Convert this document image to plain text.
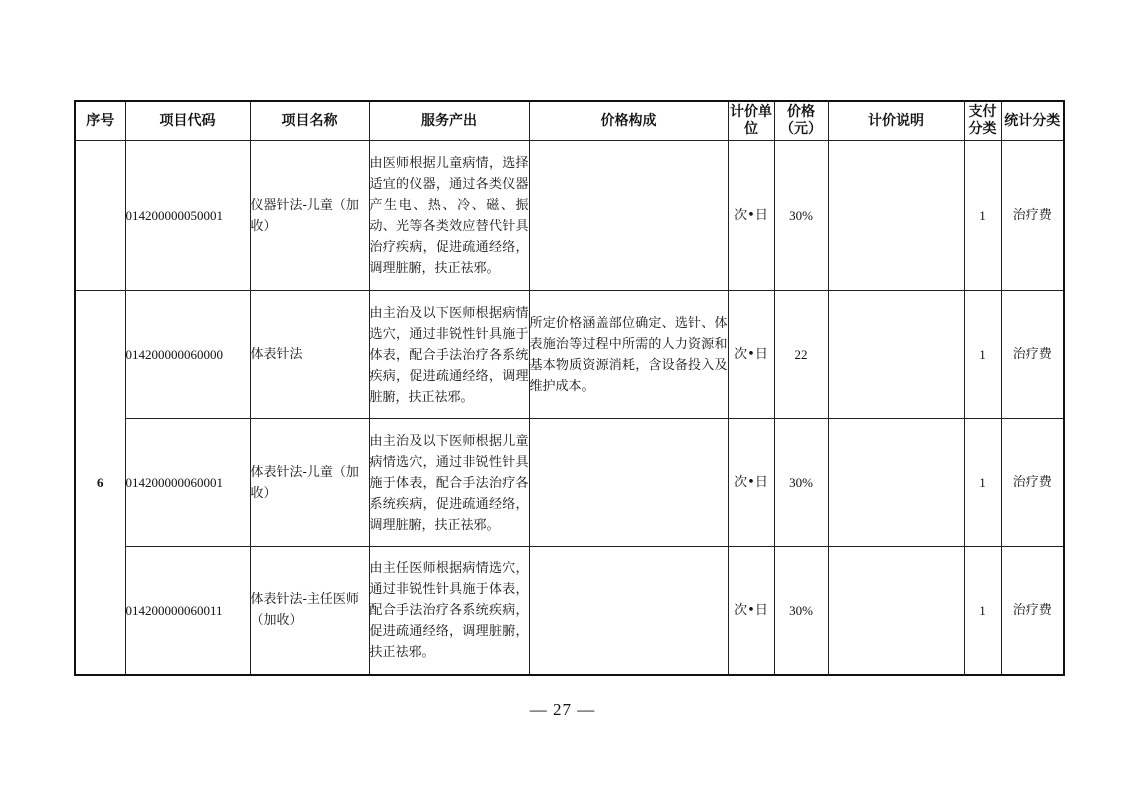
序号	项目代码	项目名称	服务产出	价格构成	计价单位	价格（元）	计价说明	支付分类	统计分类
	014200000050001	仪器针法-儿童（加收）	由医师根据儿童病情，选择适宜的仪器，通过各类仪器产生电、热、冷、磁、振动、光等各类效应替代针具治疗疾病，促进疏通经络，调理脏腑，扶正祛邪。		次•日	30%		1	治疗费
6	014200000060000	体表针法	由主治及以下医师根据病情选穴，通过非锐性针具施于体表，配合手法治疗各系统疾病，促进疏通经络，调理脏腑，扶正祛邪。	所定价格涵盖部位确定、选针、体表施治等过程中所需的人力资源和基本物质资源消耗，含设备投入及维护成本。	次•日	22		1	治疗费
	014200000060001	体表针法-儿童（加收）	由主治及以下医师根据儿童病情选穴，通过非锐性针具施于体表，配合手法治疗各系统疾病，促进疏通经络，调理脏腑，扶正祛邪。		次•日	30%		1	治疗费
	014200000060011	体表针法-主任医师（加收）	由主任医师根据病情选穴，通过非锐性针具施于体表，配合手法治疗各系统疾病，促进疏通经络，调理脏腑，扶正祛邪。		次•日	30%		1	治疗费
— 27 —
